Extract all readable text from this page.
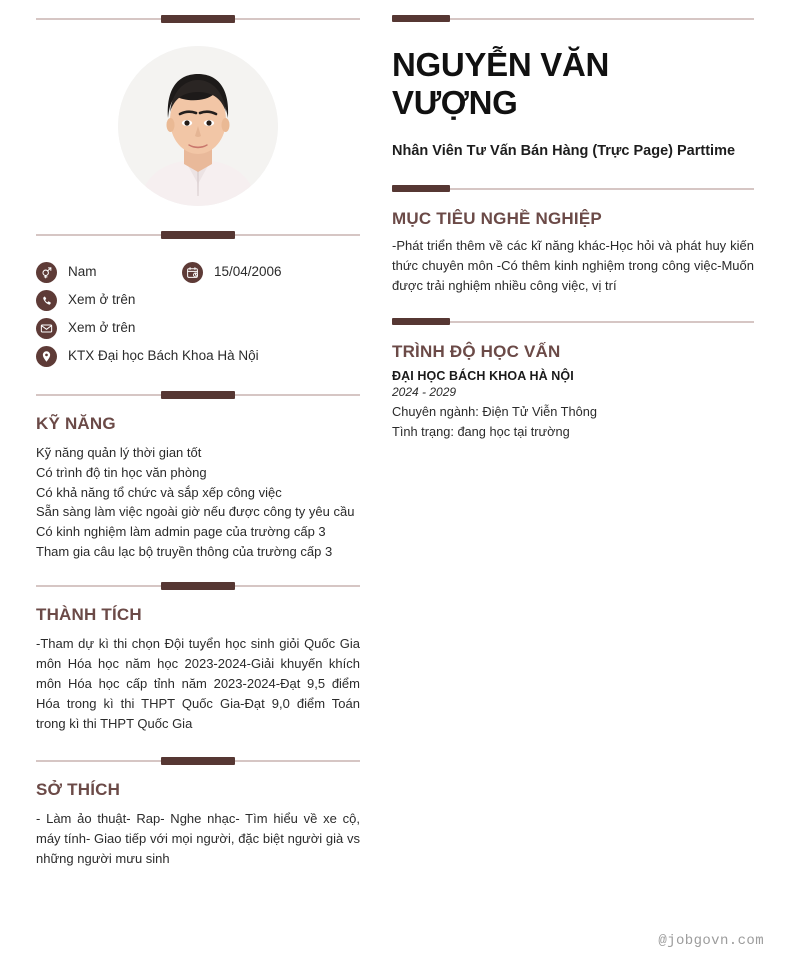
Nam	15/04/2006
Xem ở trên
Xem ở trên
KTX Đại học Bách Khoa Hà Nội
KỸ NĂNG
Kỹ năng quản lý thời gian tốt
Có trình độ tin học văn phòng
Có khả năng tổ chức và sắp xếp công việc
Sẵn sàng làm việc ngoài giờ nếu được công ty yêu cầu
Có kinh nghiệm làm admin page của trường cấp 3
Tham gia câu lạc bộ truyền thông của trường cấp 3
THÀNH TÍCH
-Tham dự kì thi chọn Đội tuyển học sinh giỏi Quốc Gia môn Hóa học năm học 2023-2024-Giải khuyến khích môn Hóa học cấp tỉnh năm 2023-2024-Đạt 9,5 điểm Hóa trong kì thi THPT Quốc Gia-Đạt 9,0 điểm Toán trong kì thi THPT Quốc Gia
SỞ THÍCH
- Làm ảo thuật- Rap- Nghe nhạc- Tìm hiểu về xe cộ, máy tính- Giao tiếp với mọi người, đặc biệt người già vs những người mưu sinh
NGUYỄN VĂN VƯỢNG
Nhân Viên Tư Vấn Bán Hàng (Trực Page) Parttime
MỤC TIÊU NGHỀ NGHIỆP
-Phát triển thêm về các kĩ năng khác-Học hỏi và phát huy kiến thức chuyên môn -Có thêm kinh nghiệm trong công việc-Muốn được trải nghiệm nhiều công việc, vị trí
TRÌNH ĐỘ HỌC VẤN
ĐẠI HỌC BÁCH KHOA HÀ NỘI
2024 - 2029
Chuyên ngành: Điện Tử Viễn Thông
Tình trạng: đang học tại trường
@jobgovn.com
